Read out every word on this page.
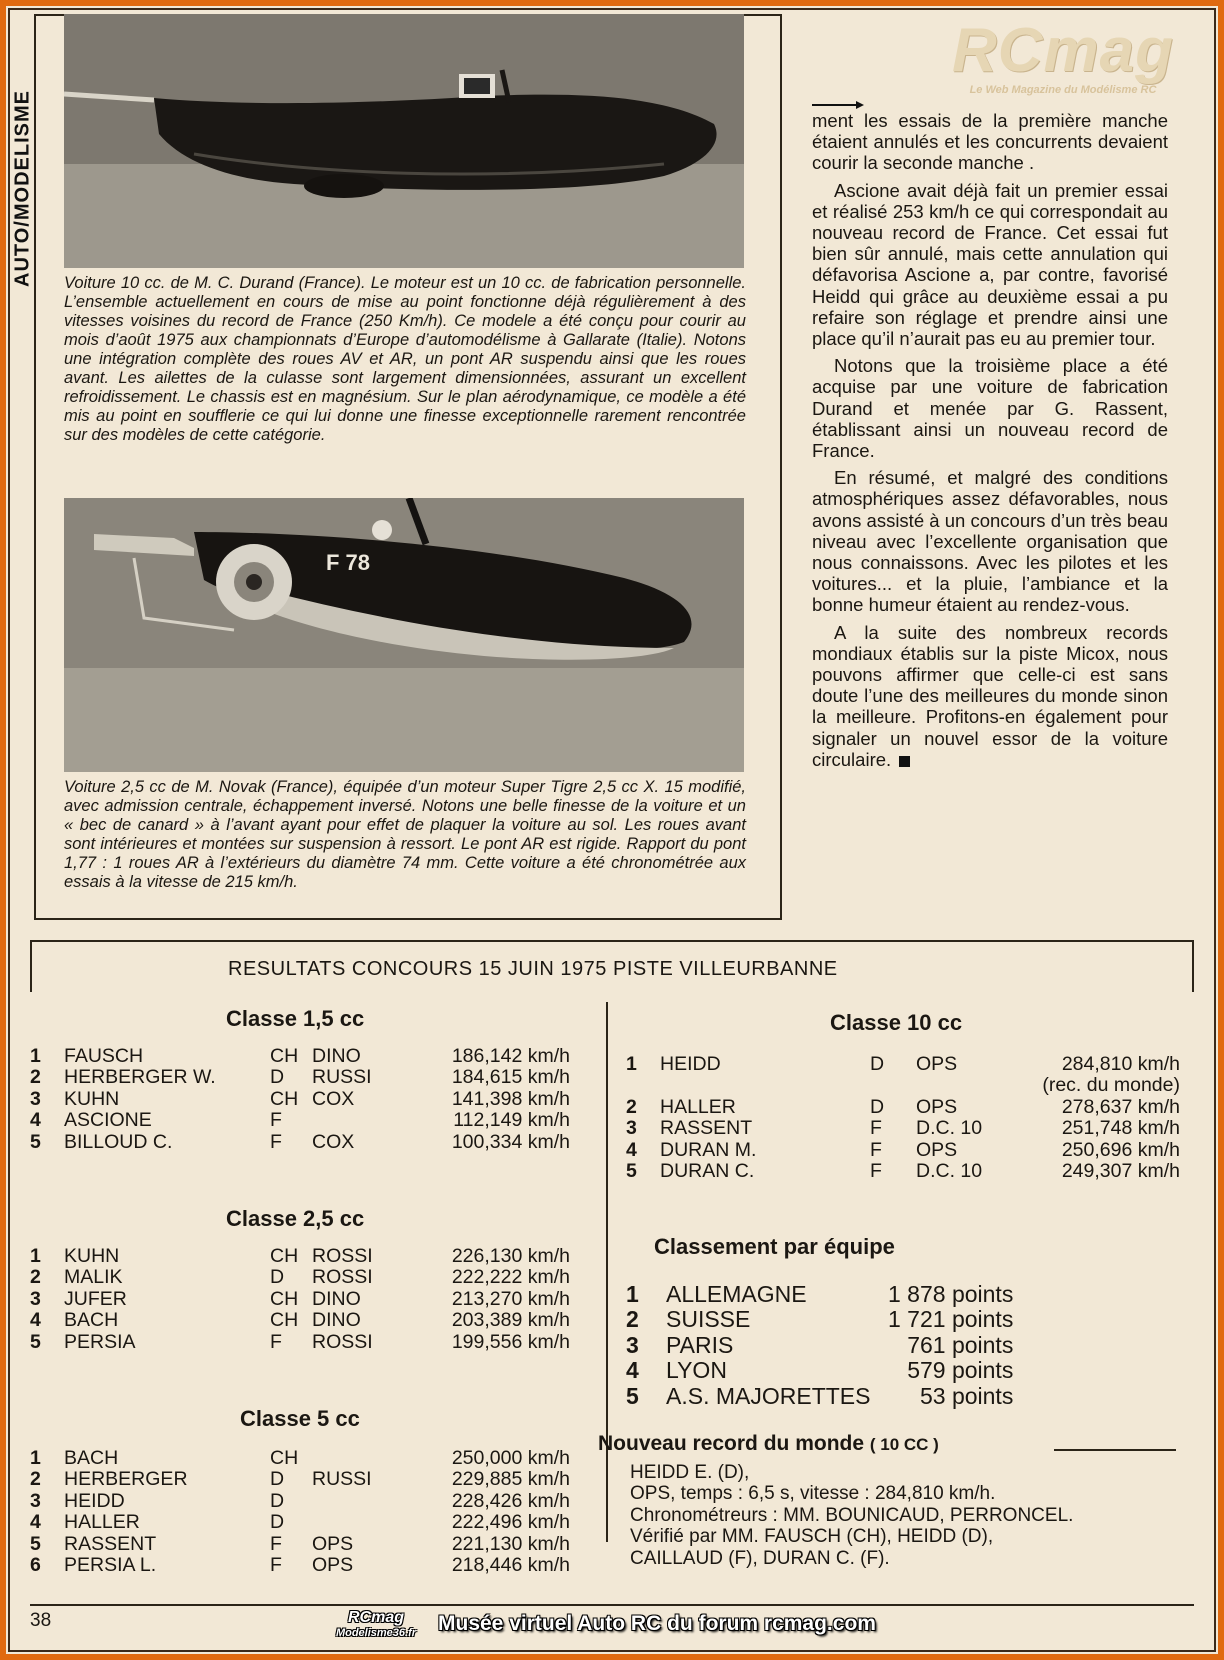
AUTO/MODELISME
RCmag
Le Web Magazine du Modélisme RC
Voiture 10 cc. de M. C. Durand (France). Le moteur est un 10 cc. de fabrication personnelle. L’ensemble actuellement en cours de mise au point fonctionne déjà régulièrement à des vitesses voisines du record de France (250 Km/h). Ce modele a été conçu pour courir au mois d’août 1975 aux championnats d’Europe d’automodélisme à Gallarate (Italie). Notons une intégration complète des roues AV et AR, un pont AR suspendu ainsi que les roues avant. Les ailettes de la culasse sont largement dimensionnées, assurant un excellent refroidissement. Le chassis est en magnésium. Sur le plan aérodynamique, ce modèle a été mis au point en soufflerie ce qui lui donne une finesse exceptionnelle rarement rencontrée sur des modèles de cette catégorie.
F 78
Voiture 2,5 cc de M. Novak (France), équipée d’un moteur Super Tigre 2,5 cc X. 15 modifié, avec admission centrale, échappement inversé. Notons une belle finesse de la voiture et un « bec de canard » à l’avant ayant pour effet de plaquer la voiture au sol. Les roues avant sont intérieures et montées sur suspension à ressort. Le pont AR est rigide. Rapport du pont 1,77 : 1 roues AR à l’extérieurs du diamètre 74 mm. Cette voiture a été chronométrée aux essais à la vitesse de 215 km/h.

ment les essais de la première manche étaient annulés et les concurrents devaient courir la seconde manche .

Ascione avait déjà fait un premier essai et réalisé 253 km/h ce qui correspondait au nouveau record de France. Cet essai fut bien sûr annulé, mais cette annulation qui défavorisa Ascione a, par contre, favorisé Heidd qui grâce au deuxième essai a pu refaire son réglage et prendre ainsi une place qu’il n’aurait pas eu au premier tour.

Notons que la troisième place a été acquise par une voiture de fabrication Durand et menée par G. Rassent, établissant ainsi un nouveau record de France.

En résumé, et malgré des conditions atmosphériques assez défavorables, nous avons assisté à un concours d’un très beau niveau avec l’excellente organisation que nous connaissons. Avec les pilotes et les voitures... et la pluie, l’ambiance et la bonne humeur étaient au rendez-vous.

A la suite des nombreux records mondiaux établis sur la piste Micox, nous pouvons affirmer que celle-ci est sans doute l’une des meilleures du monde sinon la meilleure. Profitons-en également pour signaler un nouvel essor de la voiture circulaire.

RESULTATS CONCOURS 15 JUIN 1975 PISTE VILLEURBANNE
Classe 1,5 cc
1	FAUSCH	CH	DINO	186,142 km/h
2	HERBERGER W.	D	RUSSI	184,615 km/h
3	KUHN	CH	COX	141,398 km/h
4	ASCIONE	F		112,149 km/h
5	BILLOUD C.	F	COX	100,334 km/h
Classe 2,5 cc
1	KUHN	CH	ROSSI	226,130 km/h
2	MALIK	D	ROSSI	222,222 km/h
3	JUFER	CH	DINO	213,270 km/h
4	BACH	CH	DINO	203,389 km/h
5	PERSIA	F	ROSSI	199,556 km/h
Classe 5 cc
1	BACH	CH		250,000 km/h
2	HERBERGER	D	RUSSI	229,885 km/h
3	HEIDD	D		228,426 km/h
4	HALLER	D		222,496 km/h
5	RASSENT	F	OPS	221,130 km/h
6	PERSIA L.	F	OPS	218,446 km/h
Classe 10 cc
1	HEIDD	D	OPS	284,810 km/h
				(rec. du monde)
2	HALLER	D	OPS	278,637 km/h
3	RASSENT	F	D.C. 10	251,748 km/h
4	DURAN M.	F	OPS	250,696 km/h
5	DURAN C.	F	D.C. 10	249,307 km/h
Classement par équipe
1	ALLEMAGNE	1 878 points
2	SUISSE	1 721 points
3	PARIS	761 points
4	LYON	579 points
5	A.S. MAJORETTES	53 points
Nouveau record du monde ( 10 CC )
HEIDD E. (D),
OPS, temps : 6,5 s, vitesse : 284,810 km/h.
Chronométreurs : MM. BOUNICAUD, PERRONCEL.
Vérifié par MM. FAUSCH (CH), HEIDD (D),
CAILLAUD (F), DURAN C. (F).
38	RCmag
Modelisme36.fr	Musée virtuel Auto RC du forum rcmag.com
